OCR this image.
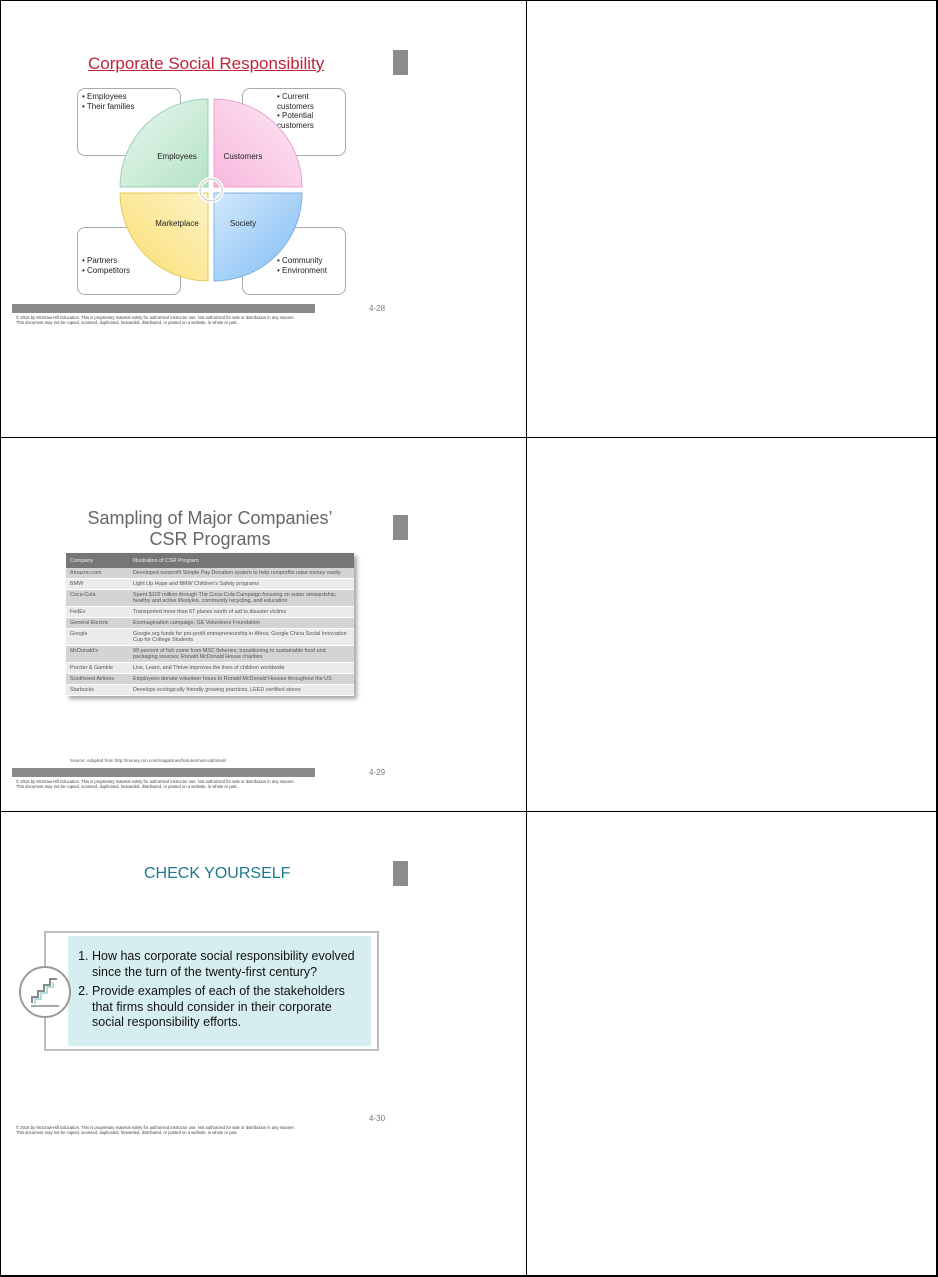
Corporate Social Responsibility
• Employees
• Their families
• Current customers
• Potential customers
• Partners
• Competitors
• Community
• Environment
Employees	Customers
Marketplace	Society
4-28
© 2016 by McGraw-Hill Education. This is proprietary material solely for authorized instructor use. Not authorized for sale or distribution in any manner.
This document may not be copied, scanned, duplicated, forwarded, distributed, or posted on a website, in whole or part.
Sampling of Major Companies’
CSR Programs
Company	Illustration of CSR Program
Amazon.com	Developed nonprofit Simple Pay Donation system to help nonprofits raise money easily
BMW	Light Up Hope and BMW Children's Safety programs
Coca-Cola	Spent $102 million through The Coca-Cola Campaign focusing on water stewardship, healthy and active lifestyles, community recycling, and education
FedEx	Transported more than 67 planes worth of aid to disaster victims
General Electric	Ecomagination campaign, GE Volunteers Foundation
Google	Google.org funds for pro-profit entrepreneurship in Africa; Google China Social Innovation Cup for College Students
McDonald's	99 percent of fish come from MSC fisheries; transitioning to sustainable food and packaging sources; Ronald McDonald House charities
Procter & Gamble	Live, Learn, and Thrive improves the lives of children worldwide
Southwest Airlines	Employees donate volunteer hours to Ronald McDonald Houses throughout the US
Starbucks	Develops ecologically friendly growing practices, LEED certified stores
Source: Adapted from http://money.cnn.com/magazines/fortune/most-admired/.
4-29
© 2016 by McGraw-Hill Education. This is proprietary material solely for authorized instructor use. Not authorized for sale or distribution in any manner.
This document may not be copied, scanned, duplicated, forwarded, distributed, or posted on a website, in whole or part.
CHECK YOURSELF
1. How has corporate social responsibility evolved since the turn of the twenty-first century?
2. Provide examples of each of the stakeholders that firms should consider in their corporate social responsibility efforts.
4-30
© 2016 by McGraw-Hill Education. This is proprietary material solely for authorized instructor use. Not authorized for sale or distribution in any manner.
This document may not be copied, scanned, duplicated, forwarded, distributed, or posted on a website, in whole or part.
